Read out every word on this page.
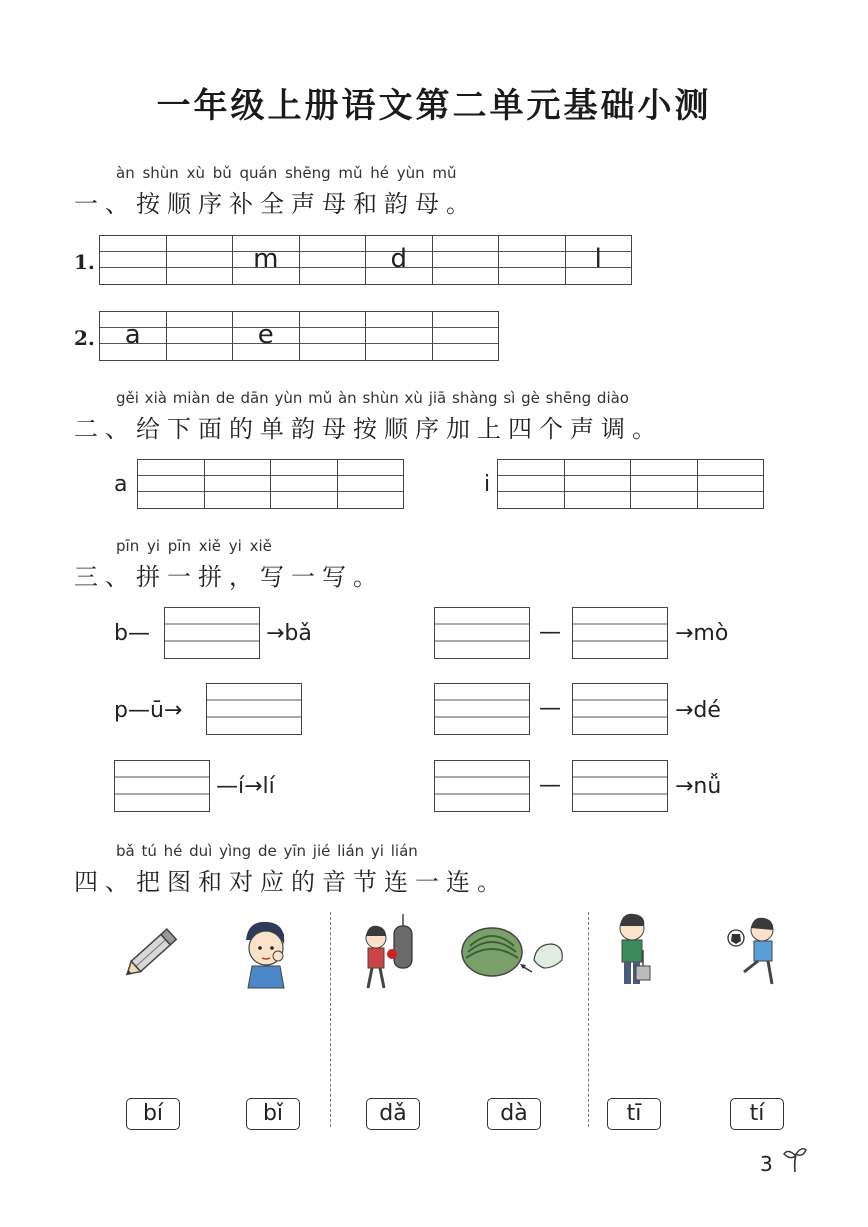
一年级上册语文第二单元基础小测
àn shùn xù bǔ quán shēng mǔ hé yùn mǔ
一、按顺序补全声母和韵母。
1.	m	d	l
2.	a	e
gěi xià miàn de dān yùn mǔ àn shùn xù jiā shàng sì gè shēng diào
二、给下面的单韵母按顺序加上四个声调。
a	i
pīn yi pīn xiě yi xiě
三、拼一拼，写一写。
b—	→bǎ
p—ū→
—í→lí
—	→mò
—	→dé
—	→nǚ
bǎ tú hé duì yìng de yīn jié lián yi lián
四、把图和对应的音节连一连。
bí	bǐ	dǎ	dà	tī	tí
3
